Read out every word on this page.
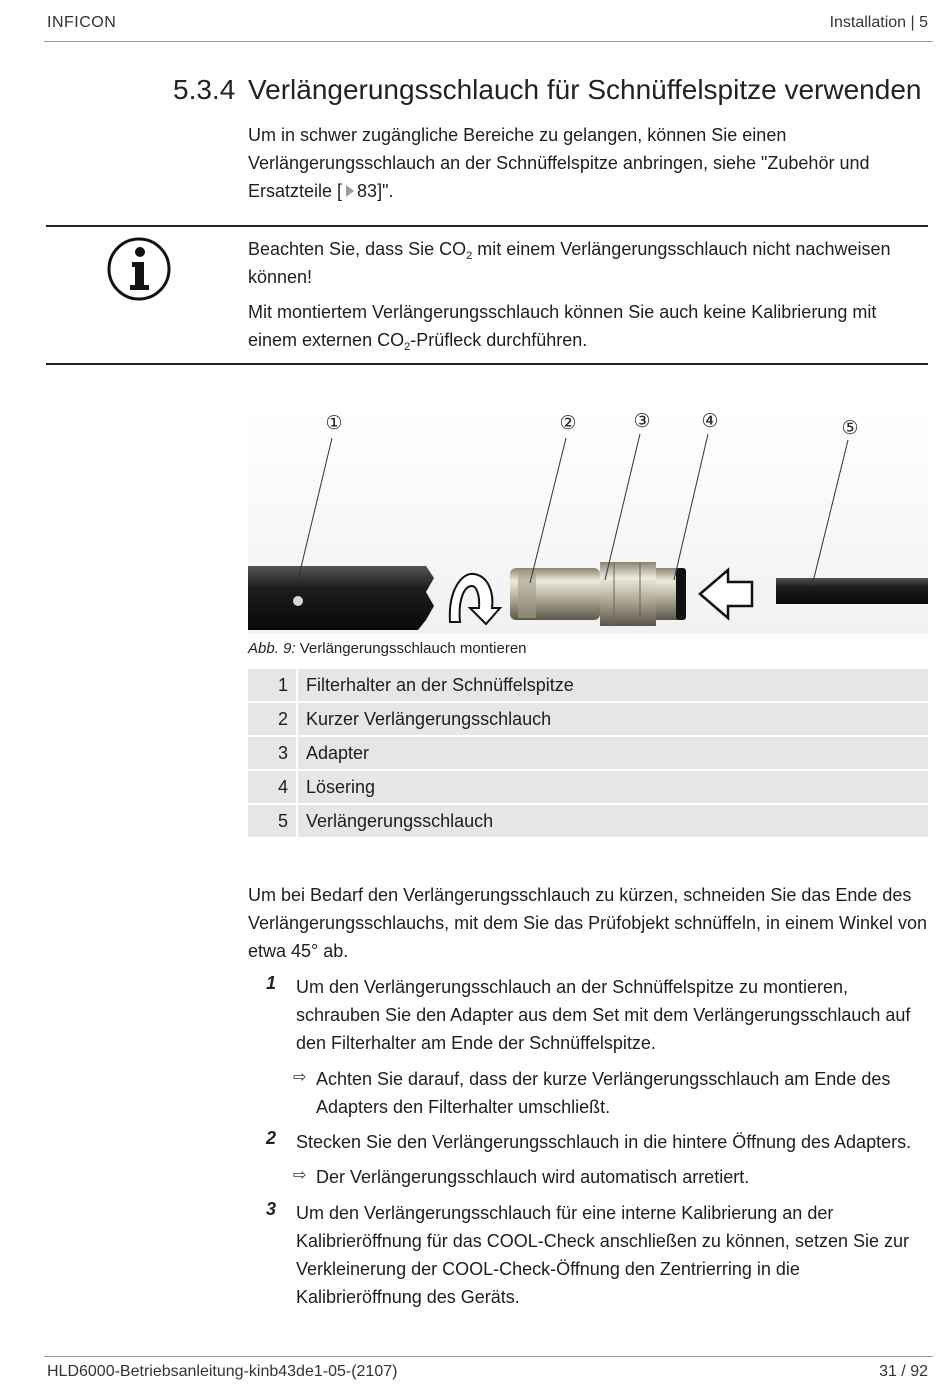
INFICON	Installation | 5
5.3.4 Verlängerungsschlauch für Schnüffelspitze verwenden
Um in schwer zugängliche Bereiche zu gelangen, können Sie einen Verlängerungsschlauch an der Schnüffelspitze anbringen, siehe "Zubehör und Ersatzteile [ 83]".
Beachten Sie, dass Sie $CO_2$ mit einem Verlängerungsschlauch nicht nachweisen können!
Mit montiertem Verlängerungsschlauch können Sie auch keine Kalibrierung mit einem externen $CO_2$-Prüfleck durchführen.
①	②	③	④	⑤
Abb. 9: Verlängerungsschlauch montieren
1	Filterhalter an der Schnüffelspitze
2	Kurzer Verlängerungsschlauch
3	Adapter
4	Lösering
5	Verlängerungsschlauch
Um bei Bedarf den Verlängerungsschlauch zu kürzen, schneiden Sie das Ende des Verlängerungsschlauchs, mit dem Sie das Prüfobjekt schnüffeln, in einem Winkel von etwa 45° ab.
1 Um den Verlängerungsschlauch an der Schnüffelspitze zu montieren, schrauben Sie den Adapter aus dem Set mit dem Verlängerungsschlauch auf den Filterhalter am Ende der Schnüffelspitze.
⇨ Achten Sie darauf, dass der kurze Verlängerungsschlauch am Ende des Adapters den Filterhalter umschließt.
2 Stecken Sie den Verlängerungsschlauch in die hintere Öffnung des Adapters.
⇨ Der Verlängerungsschlauch wird automatisch arretiert.
3 Um den Verlängerungsschlauch für eine interne Kalibrierung an der Kalibrieröffnung für das COOL-Check anschließen zu können, setzen Sie zur Verkleinerung der COOL-Check-Öffnung den Zentrierring in die Kalibrieröffnung des Geräts.
HLD6000-Betriebsanleitung-kinb43de1-05-(2107)	31 / 92
